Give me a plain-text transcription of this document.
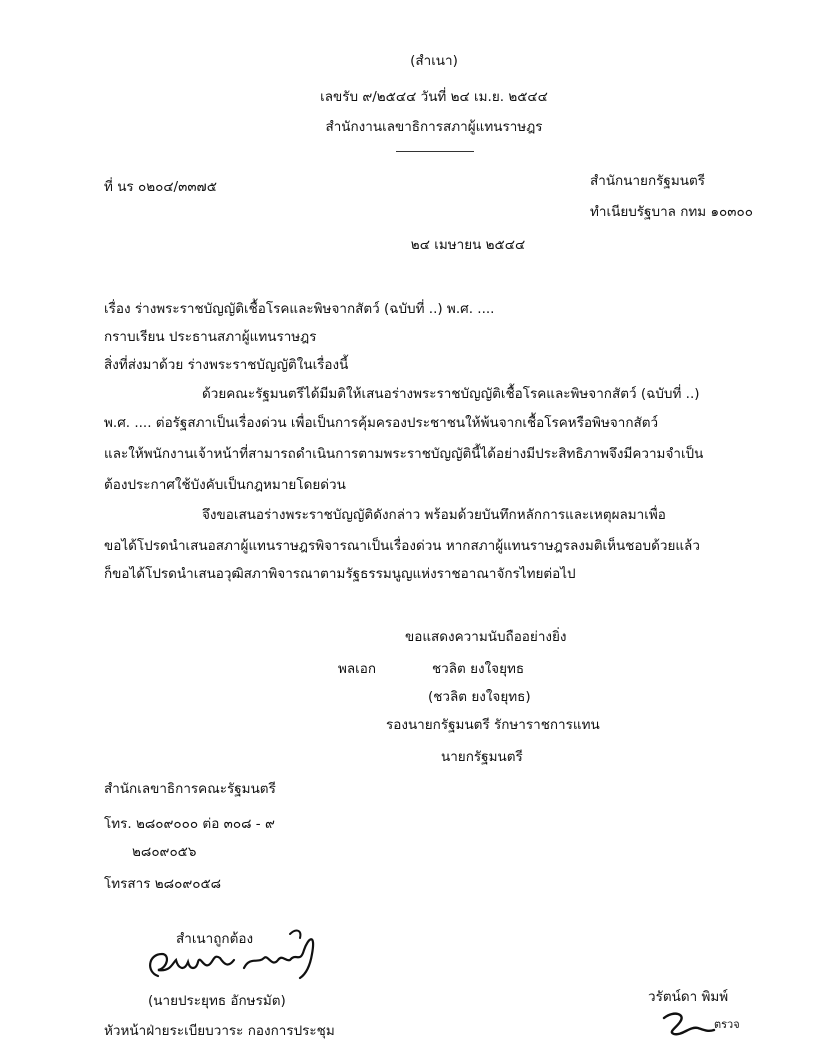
(สำเนา)
เลขรับ ๙/๒๕๔๔ วันที่ ๒๔ เม.ย. ๒๕๔๔
สำนักงานเลขาธิการสภาผู้แทนราษฎร
ที่ นร ๐๒๐๔/๓๓๗๕	สำนักนายกรัฐมนตรี
ทำเนียบรัฐบาล กทม ๑๐๓๐๐
๒๔ เมษายน ๒๕๔๔
เรื่อง ร่างพระราชบัญญัติเชื้อโรคและพิษจากสัตว์ (ฉบับที่ ..) พ.ศ. ....
กราบเรียน ประธานสภาผู้แทนราษฎร
สิ่งที่ส่งมาด้วย ร่างพระราชบัญญัติในเรื่องนี้
ด้วยคณะรัฐมนตรีได้มีมติให้เสนอร่างพระราชบัญญัติเชื้อโรคและพิษจากสัตว์ (ฉบับที่ ..)
พ.ศ. .... ต่อรัฐสภาเป็นเรื่องด่วน เพื่อเป็นการคุ้มครองประชาชนให้พ้นจากเชื้อโรคหรือพิษจากสัตว์
และให้พนักงานเจ้าหน้าที่สามารถดำเนินการตามพระราชบัญญัตินี้ได้อย่างมีประสิทธิภาพจึงมีความจำเป็น
ต้องประกาศใช้บังคับเป็นกฎหมายโดยด่วน
จึงขอเสนอร่างพระราชบัญญัติดังกล่าว พร้อมด้วยบันทึกหลักการและเหตุผลมาเพื่อ
ขอได้โปรดนำเสนอสภาผู้แทนราษฎรพิจารณาเป็นเรื่องด่วน หากสภาผู้แทนราษฎรลงมติเห็นชอบด้วยแล้ว
ก็ขอได้โปรดนำเสนอวุฒิสภาพิจารณาตามรัฐธรรมนูญแห่งราชอาณาจักรไทยต่อไป
ขอแสดงความนับถืออย่างยิ่ง
พลเอก	ชวลิต ยงใจยุทธ
(ชวลิต ยงใจยุทธ)
รองนายกรัฐมนตรี รักษาราชการแทน
นายกรัฐมนตรี
สำนักเลขาธิการคณะรัฐมนตรี
โทร. ๒๘๐๙๐๐๐ ต่อ ๓๐๘ - ๙
๒๘๐๙๐๕๖
โทรสาร ๒๘๐๙๐๕๘
สำเนาถูกต้อง
(นายประยุทธ อักษรมัต)
หัวหน้าฝ่ายระเบียบวาระ กองการประชุม
วรัตน์ดา พิมพ์
ตรวจ
